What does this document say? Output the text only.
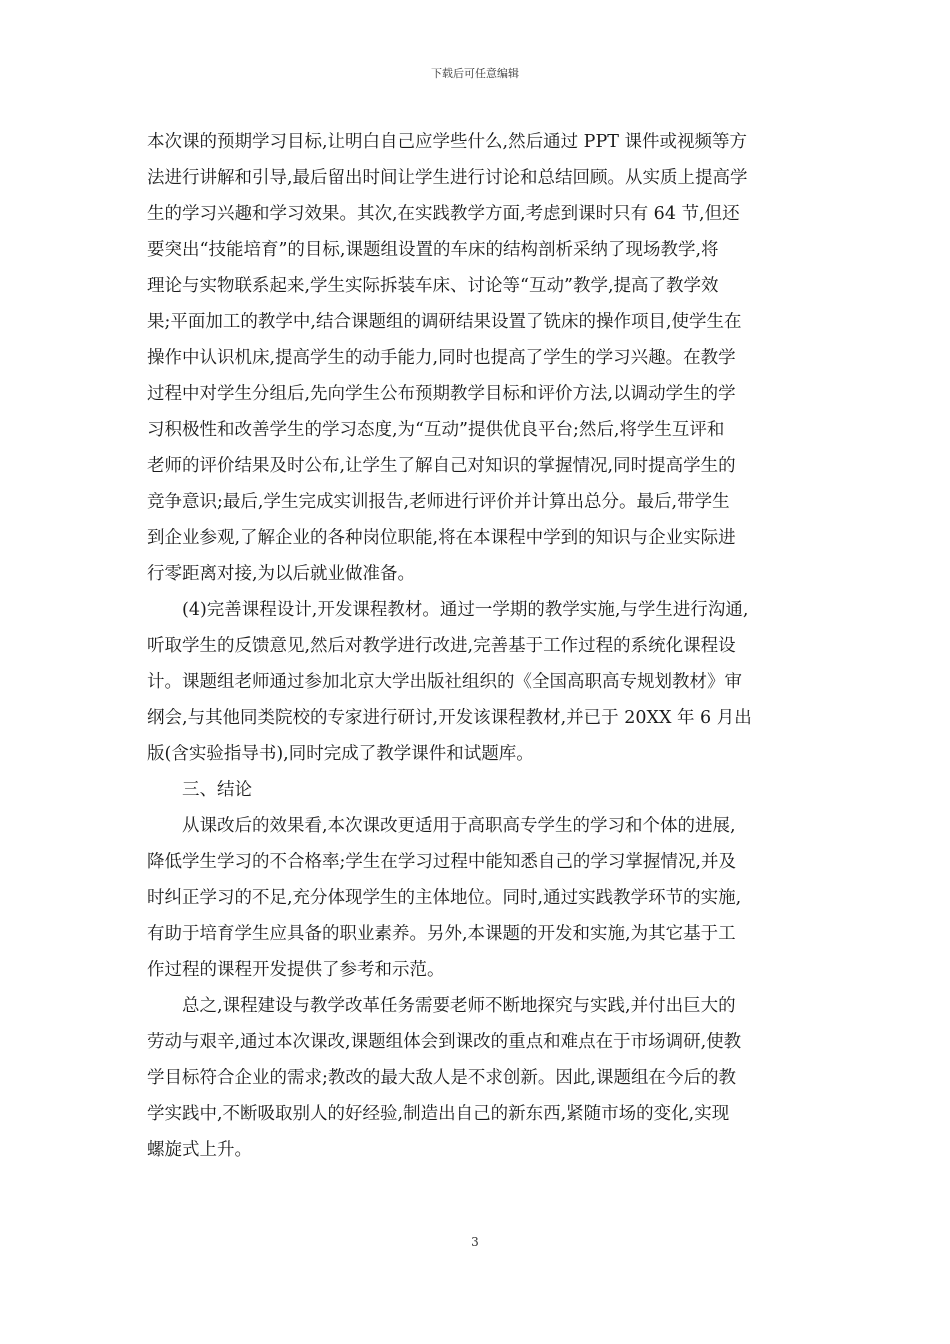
下载后可任意编辑
本次课的预期学习目标,让明白自己应学些什么,然后通过 PPT 课件或视频等方
法进行讲解和引导,最后留出时间让学生进行讨论和总结回顾。从实质上提高学
生的学习兴趣和学习效果。其次,在实践教学方面,考虑到课时只有 64 节,但还
要突出“技能培育”的目标,课题组设置的车床的结构剖析采纳了现场教学,将
理论与实物联系起来,学生实际拆装车床、讨论等“互动”教学,提高了教学效
果;平面加工的教学中,结合课题组的调研结果设置了铣床的操作项目,使学生在
操作中认识机床,提高学生的动手能力,同时也提高了学生的学习兴趣。在教学
过程中对学生分组后,先向学生公布预期教学目标和评价方法,以调动学生的学
习积极性和改善学生的学习态度,为“互动”提供优良平台;然后,将学生互评和
老师的评价结果及时公布,让学生了解自己对知识的掌握情况,同时提高学生的
竞争意识;最后,学生完成实训报告,老师进行评价并计算出总分。最后,带学生
到企业参观,了解企业的各种岗位职能,将在本课程中学到的知识与企业实际进
行零距离对接,为以后就业做准备。
(4)完善课程设计,开发课程教材。通过一学期的教学实施,与学生进行沟通,
听取学生的反馈意见,然后对教学进行改进,完善基于工作过程的系统化课程设
计。课题组老师通过参加北京大学出版社组织的《全国高职高专规划教材》审
纲会,与其他同类院校的专家进行研讨,开发该课程教材,并已于 20XX 年 6 月出
版(含实验指导书),同时完成了教学课件和试题库。
三、结论
从课改后的效果看,本次课改更适用于高职高专学生的学习和个体的进展,
降低学生学习的不合格率;学生在学习过程中能知悉自己的学习掌握情况,并及
时纠正学习的不足,充分体现学生的主体地位。同时,通过实践教学环节的实施,
有助于培育学生应具备的职业素养。另外,本课题的开发和实施,为其它基于工
作过程的课程开发提供了参考和示范。
总之,课程建设与教学改革任务需要老师不断地探究与实践,并付出巨大的
劳动与艰辛,通过本次课改,课题组体会到课改的重点和难点在于市场调研,使教
学目标符合企业的需求;教改的最大敌人是不求创新。因此,课题组在今后的教
学实践中,不断吸取别人的好经验,制造出自己的新东西,紧随市场的变化,实现
螺旋式上升。
3
